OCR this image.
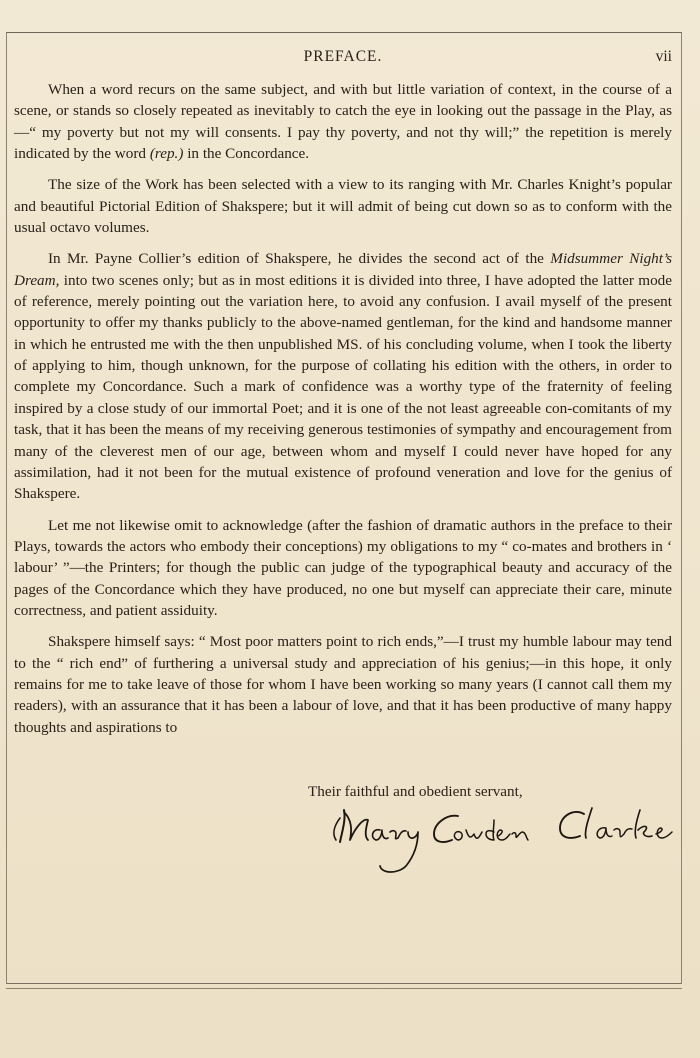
PREFACE.	vii

When a word recurs on the same subject, and with but little variation of context, in the course of a scene, or stands so closely repeated as inevitably to catch the eye in looking out the passage in the Play, as—“ my poverty but not my will consents. I pay thy poverty, and not thy will;” the repetition is merely indicated by the word (rep.) in the Concordance.

The size of the Work has been selected with a view to its ranging with Mr. Charles Knight’s popular and beautiful Pictorial Edition of Shakspere; but it will admit of being cut down so as to conform with the usual octavo volumes.

In Mr. Payne Collier’s edition of Shakspere, he divides the second act of the Midsummer Night’s Dream, into two scenes only; but as in most editions it is divided into three, I have adopted the latter mode of reference, merely pointing out the variation here, to avoid any confusion. I avail myself of the present opportunity to offer my thanks publicly to the above-named gentleman, for the kind and handsome manner in which he entrusted me with the then unpublished MS. of his concluding volume, when I took the liberty of applying to him, though unknown, for the purpose of collating his edition with the others, in order to complete my Concordance. Such a mark of confidence was a worthy type of the fraternity of feeling inspired by a close study of our immortal Poet; and it is one of the not least agreeable con-comitants of my task, that it has been the means of my receiving generous testimonies of sympathy and encouragement from many of the cleverest men of our age, between whom and myself I could never have hoped for any assimilation, had it not been for the mutual existence of profound veneration and love for the genius of Shakspere.

Let me not likewise omit to acknowledge (after the fashion of dramatic authors in the preface to their Plays, towards the actors who embody their conceptions) my obligations to my “ co-mates and brothers in ‘ labour’ ”—the Printers; for though the public can judge of the typographical beauty and accuracy of the pages of the Concordance which they have produced, no one but myself can appreciate their care, minute correctness, and patient assiduity.

Shakspere himself says: “ Most poor matters point to rich ends,”—I trust my humble labour may tend to the “ rich end” of furthering a universal study and appreciation of his genius;—in this hope, it only remains for me to take leave of those for whom I have been working so many years (I cannot call them my readers), with an assurance that it has been a labour of love, and that it has been productive of many happy thoughts and aspirations to

Their faithful and obedient servant,
